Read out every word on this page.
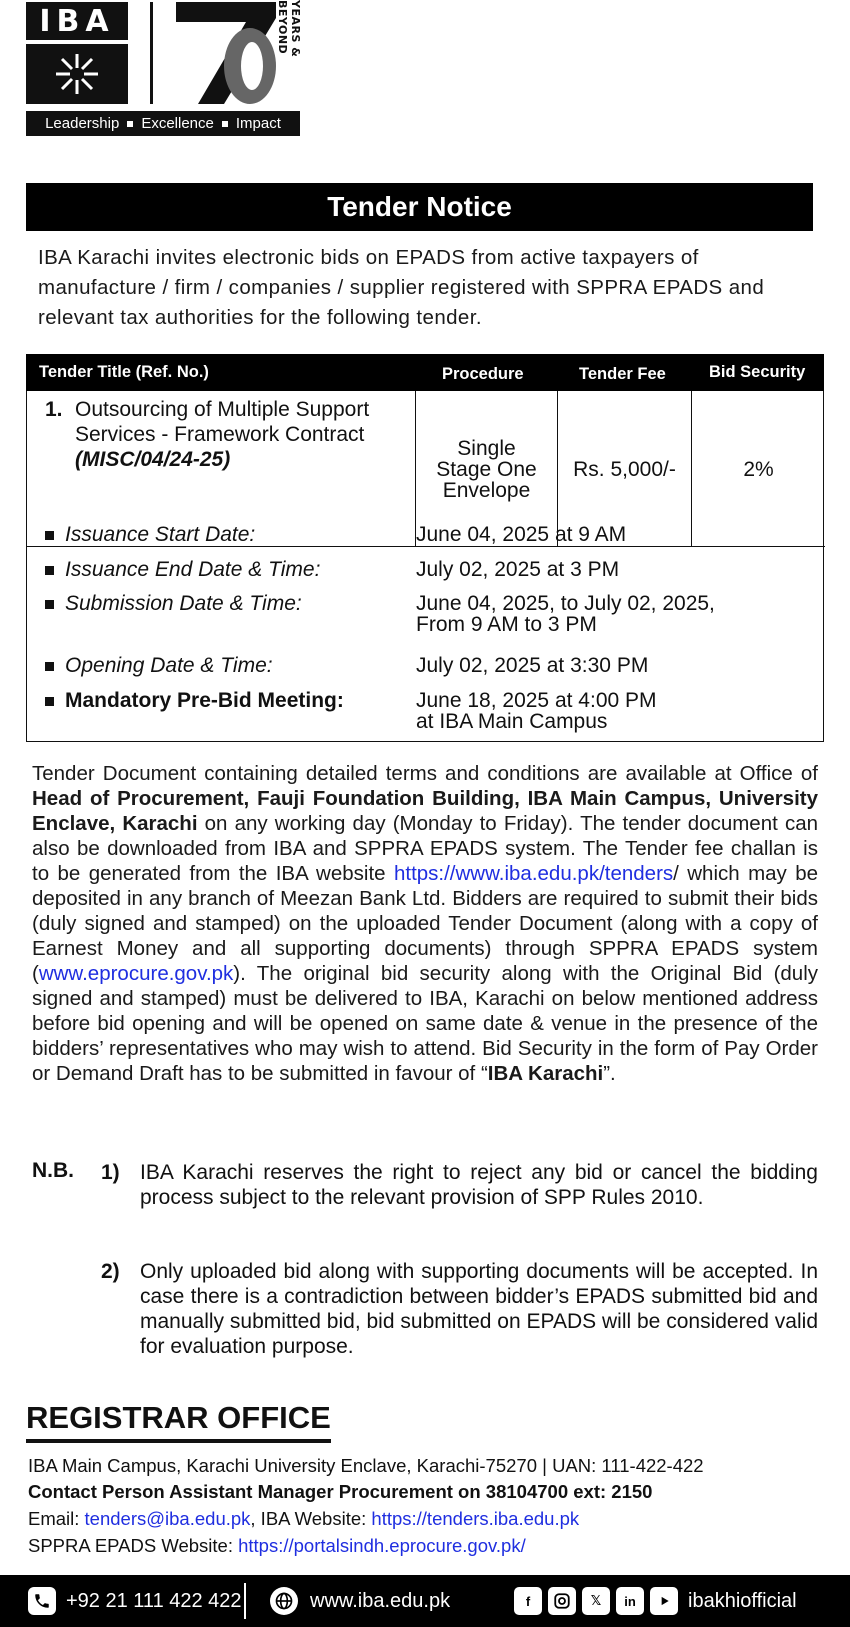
IBA	YEARS & BEYOND
Leadership Excellence Impact
Tender Notice
IBA Karachi invites electronic bids on EPADS from active taxpayers of manufacture / firm / companies / supplier registered with SPPRA EPADS and relevant tax authorities for the following tender.
Tender Title (Ref. No.)	Procedure	Tender Fee	Bid Security
1. Outsourcing of Multiple Support Services - Framework Contract
(MISC/04/24-25)	Single
Stage One
Envelope
Rs. 5,000/-	2%
Issuance Start Date:	June 04, 2025 at 9 AM
Issuance End Date & Time:	July 02, 2025 at 3 PM
Submission Date & Time:	June 04, 2025, to July 02, 2025,
From 9 AM to 3 PM
Opening Date & Time:	July 02, 2025 at 3:30 PM
Mandatory Pre-Bid Meeting:	June 18, 2025 at 4:00 PM
at IBA Main Campus
Tender Document containing detailed terms and conditions are available at Office of Head of Procurement, Fauji Foundation Building, IBA Main Campus, University Enclave, Karachi on any working day (Monday to Friday). The tender document can also be downloaded from IBA and SPPRA EPADS system. The Tender fee challan is to be generated from the IBA website https://www.iba.edu.pk/tenders/ which may be deposited in any branch of Meezan Bank Ltd. Bidders are required to submit their bids (duly signed and stamped) on the uploaded Tender Document (along with a copy of Earnest Money and all supporting documents) through SPPRA EPADS system (www.eprocure.gov.pk). The original bid security along with the Original Bid (duly signed and stamped) must be delivered to IBA, Karachi on below mentioned address before bid opening and will be opened on same date & venue in the presence of the bidders’ representatives who may wish to attend. Bid Security in the form of Pay Order or Demand Draft has to be submitted in favour of “IBA Karachi”.
N.B. 1) IBA Karachi reserves the right to reject any bid or cancel the bidding process subject to the relevant provision of SPP Rules 2010.
2) Only uploaded bid along with supporting documents will be accepted. In case there is a contradiction between bidder’s EPADS submitted bid and manually submitted bid, bid submitted on EPADS will be considered valid for evaluation purpose.
REGISTRAR OFFICE
IBA Main Campus, Karachi University Enclave, Karachi-75270 | UAN: 111-422-422
Contact Person Assistant Manager Procurement on 38104700 ext: 2150
Email: tenders@iba.edu.pk, IBA Website: https://tenders.iba.edu.pk
SPPRA EPADS Website: https://portalsindh.eprocure.gov.pk/
+92 21 111 422 422	www.iba.edu.pk	f	𝕏	in	ibakhiofficial
